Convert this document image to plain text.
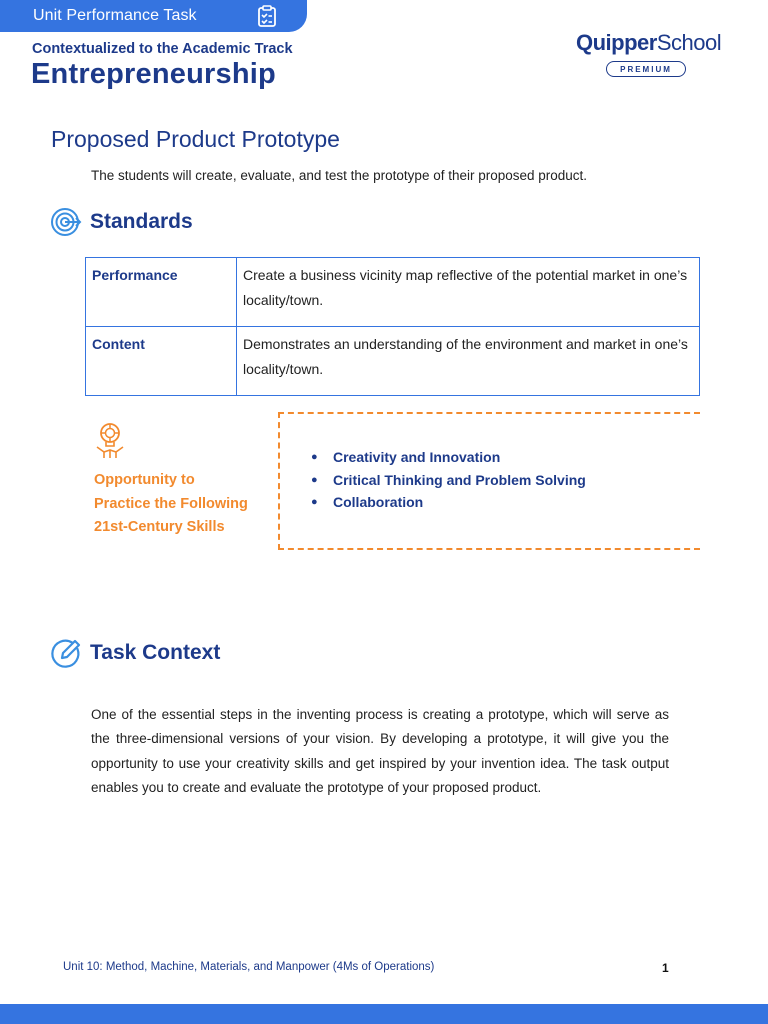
Unit Performance Task
Contextualized to the Academic Track
Entrepreneurship
QuipperSchool
PREMIUM
Proposed Product Prototype
The students will create, evaluate, and test the prototype of their proposed product.
Standards
Performance	Create a business vicinity map reflective of the potential market in one’s locality/town.
Content	Demonstrates an understanding of the environment and market in one’s locality/town.
Opportunity to
Practice the Following
21st-Century Skills
● Creativity and Innovation
● Critical Thinking and Problem Solving
● Collaboration
Task Context
One of the essential steps in the inventing process is creating a prototype, which will serve as the three-dimensional versions of your vision. By developing a prototype, it will give you the opportunity to use your creativity skills and get inspired by your invention idea. The task output enables you to create and evaluate the prototype of your proposed product.
Unit 10: Method, Machine, Materials, and Manpower (4Ms of Operations)	1
